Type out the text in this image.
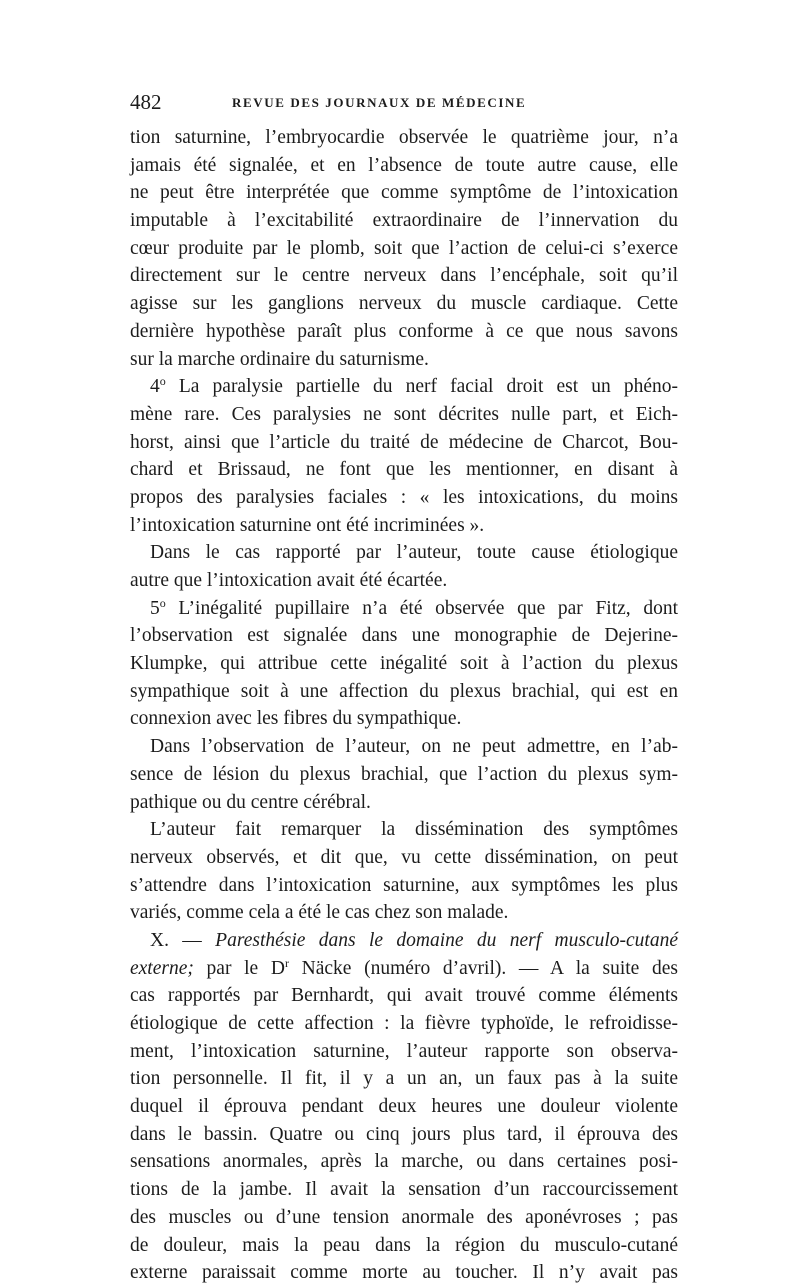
482	REVUE DES JOURNAUX DE MÉDECINE
tion saturnine, l’embryocardie observée le quatrième jour, n’a
jamais été signalée, et en l’absence de toute autre cause, elle
ne peut être interprétée que comme symptôme de l’intoxication
imputable à l’excitabilité extraordinaire de l’innervation du
cœur produite par le plomb, soit que l’action de celui-ci s’exerce
directement sur le centre nerveux dans l’encéphale, soit qu’il
agisse sur les ganglions nerveux du muscle cardiaque. Cette
dernière hypothèse paraît plus conforme à ce que nous savons
sur la marche ordinaire du saturnisme.
4$^o$ La paralysie partielle du nerf facial droit est un phéno-
mène rare. Ces paralysies ne sont décrites nulle part, et Eich-
horst, ainsi que l’article du traité de médecine de Charcot, Bou-
chard et Brissaud, ne font que les mentionner, en disant à
propos des paralysies faciales : « les intoxications, du moins
l’intoxication saturnine ont été incriminées ».
Dans le cas rapporté par l’auteur, toute cause étiologique
autre que l’intoxication avait été écartée.
5$^o$ L’inégalité pupillaire n’a été observée que par Fitz, dont
l’observation est signalée dans une monographie de Dejerine-
Klumpke, qui attribue cette inégalité soit à l’action du plexus
sympathique soit à une affection du plexus brachial, qui est en
connexion avec les fibres du sympathique.
Dans l’observation de l’auteur, on ne peut admettre, en l’ab-
sence de lésion du plexus brachial, que l’action du plexus sym-
pathique ou du centre cérébral.
L’auteur fait remarquer la dissémination des symptômes
nerveux observés, et dit que, vu cette dissémination, on peut
s’attendre dans l’intoxication saturnine, aux symptômes les plus
variés, comme cela a été le cas chez son malade.
X. — Paresthésie dans le domaine du nerf musculo-cutané
externe; par le $D^r$ Näcke (numéro d’avril). — A la suite des
cas rapportés par Bernhardt, qui avait trouvé comme éléments
étiologique de cette affection : la fièvre typhoïde, le refroidisse-
ment, l’intoxication saturnine, l’auteur rapporte son observa-
tion personnelle. Il fit, il y a un an, un faux pas à la suite
duquel il éprouva pendant deux heures une douleur violente
dans le bassin. Quatre ou cinq jours plus tard, il éprouva des
sensations anormales, après la marche, ou dans certaines posi-
tions de la jambe. Il avait la sensation d’un raccourcissement
des muscles ou d’une tension anormale des aponévroses ; pas
de douleur, mais la peau dans la région du musculo-cutané
externe paraissait comme morte au toucher. Il n’y avait pas
